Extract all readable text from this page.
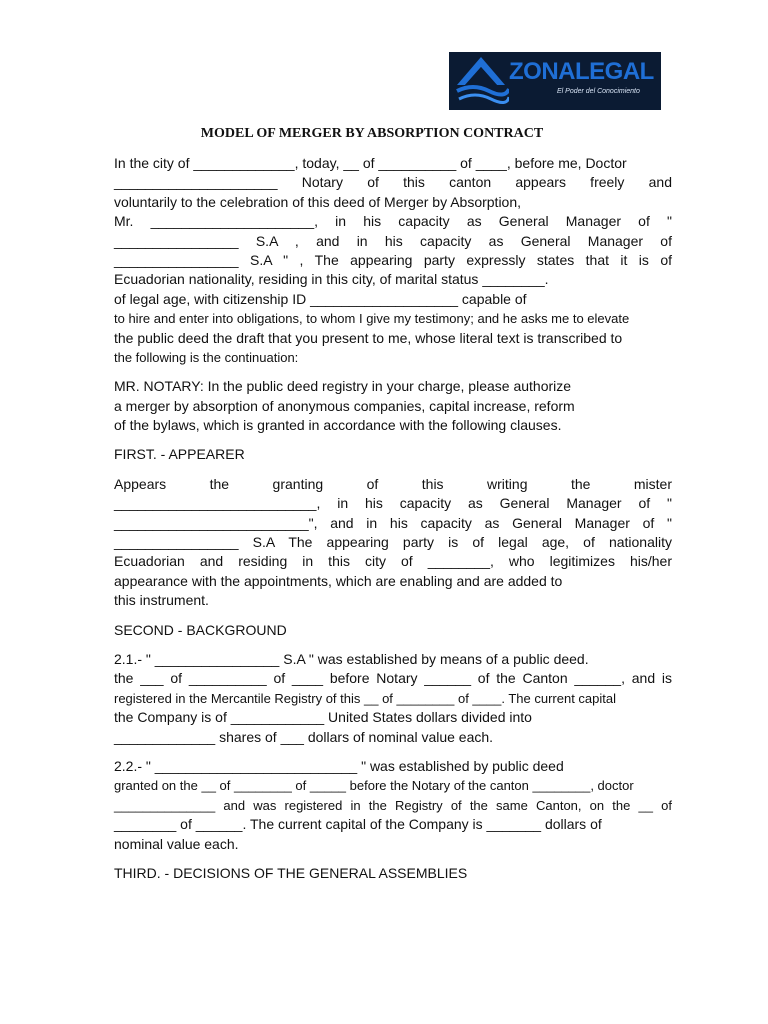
ZONALEGAL
El Poder del Conocimiento
MODEL OF MERGER BY ABSORPTION CONTRACT
In the city of _____________, today, __ of __________ of ____, before me, Doctor
_____________________ Notary of this canton appears freely and
voluntarily to the celebration of this deed of Merger by Absorption,
Mr. _____________________, in his capacity as General Manager of "
________________ S.A , and in his capacity as General Manager of
________________ S.A " , The appearing party expressly states that it is of
Ecuadorian nationality, residing in this city, of marital status ________.
of legal age, with citizenship ID ___________________ capable of
to hire and enter into obligations, to whom I give my testimony; and he asks me to elevate
the public deed the draft that you present to me, whose literal text is transcribed to
the following is the continuation:
MR. NOTARY: In the public deed registry in your charge, please authorize
a merger by absorption of anonymous companies, capital increase, reform
of the bylaws, which is granted in accordance with the following clauses.
FIRST. - APPEARER
Appears the granting of this writing the mister
__________________________, in his capacity as General Manager of "
_________________________", and in his capacity as General Manager of "
________________ S.A The appearing party is of legal age, of nationality
Ecuadorian and residing in this city of ________, who legitimizes his/her
appearance with the appointments, which are enabling and are added to
this instrument.
SECOND - BACKGROUND
2.1.- " ________________ S.A " was established by means of a public deed.
the ___ of __________ of ____ before Notary ______ of the Canton ______, and is
registered in the Mercantile Registry of this __ of ________ of ____. The current capital
the Company is of ____________ United States dollars divided into
_____________ shares of ___ dollars of nominal value each.
2.2.- " __________________________ " was established by public deed
granted on the __ of ________ of _____ before the Notary of the canton ________, doctor
______________ and was registered in the Registry of the same Canton, on the __ of
________ of ______. The current capital of the Company is _______ dollars of
nominal value each.
THIRD. - DECISIONS OF THE GENERAL ASSEMBLIES
